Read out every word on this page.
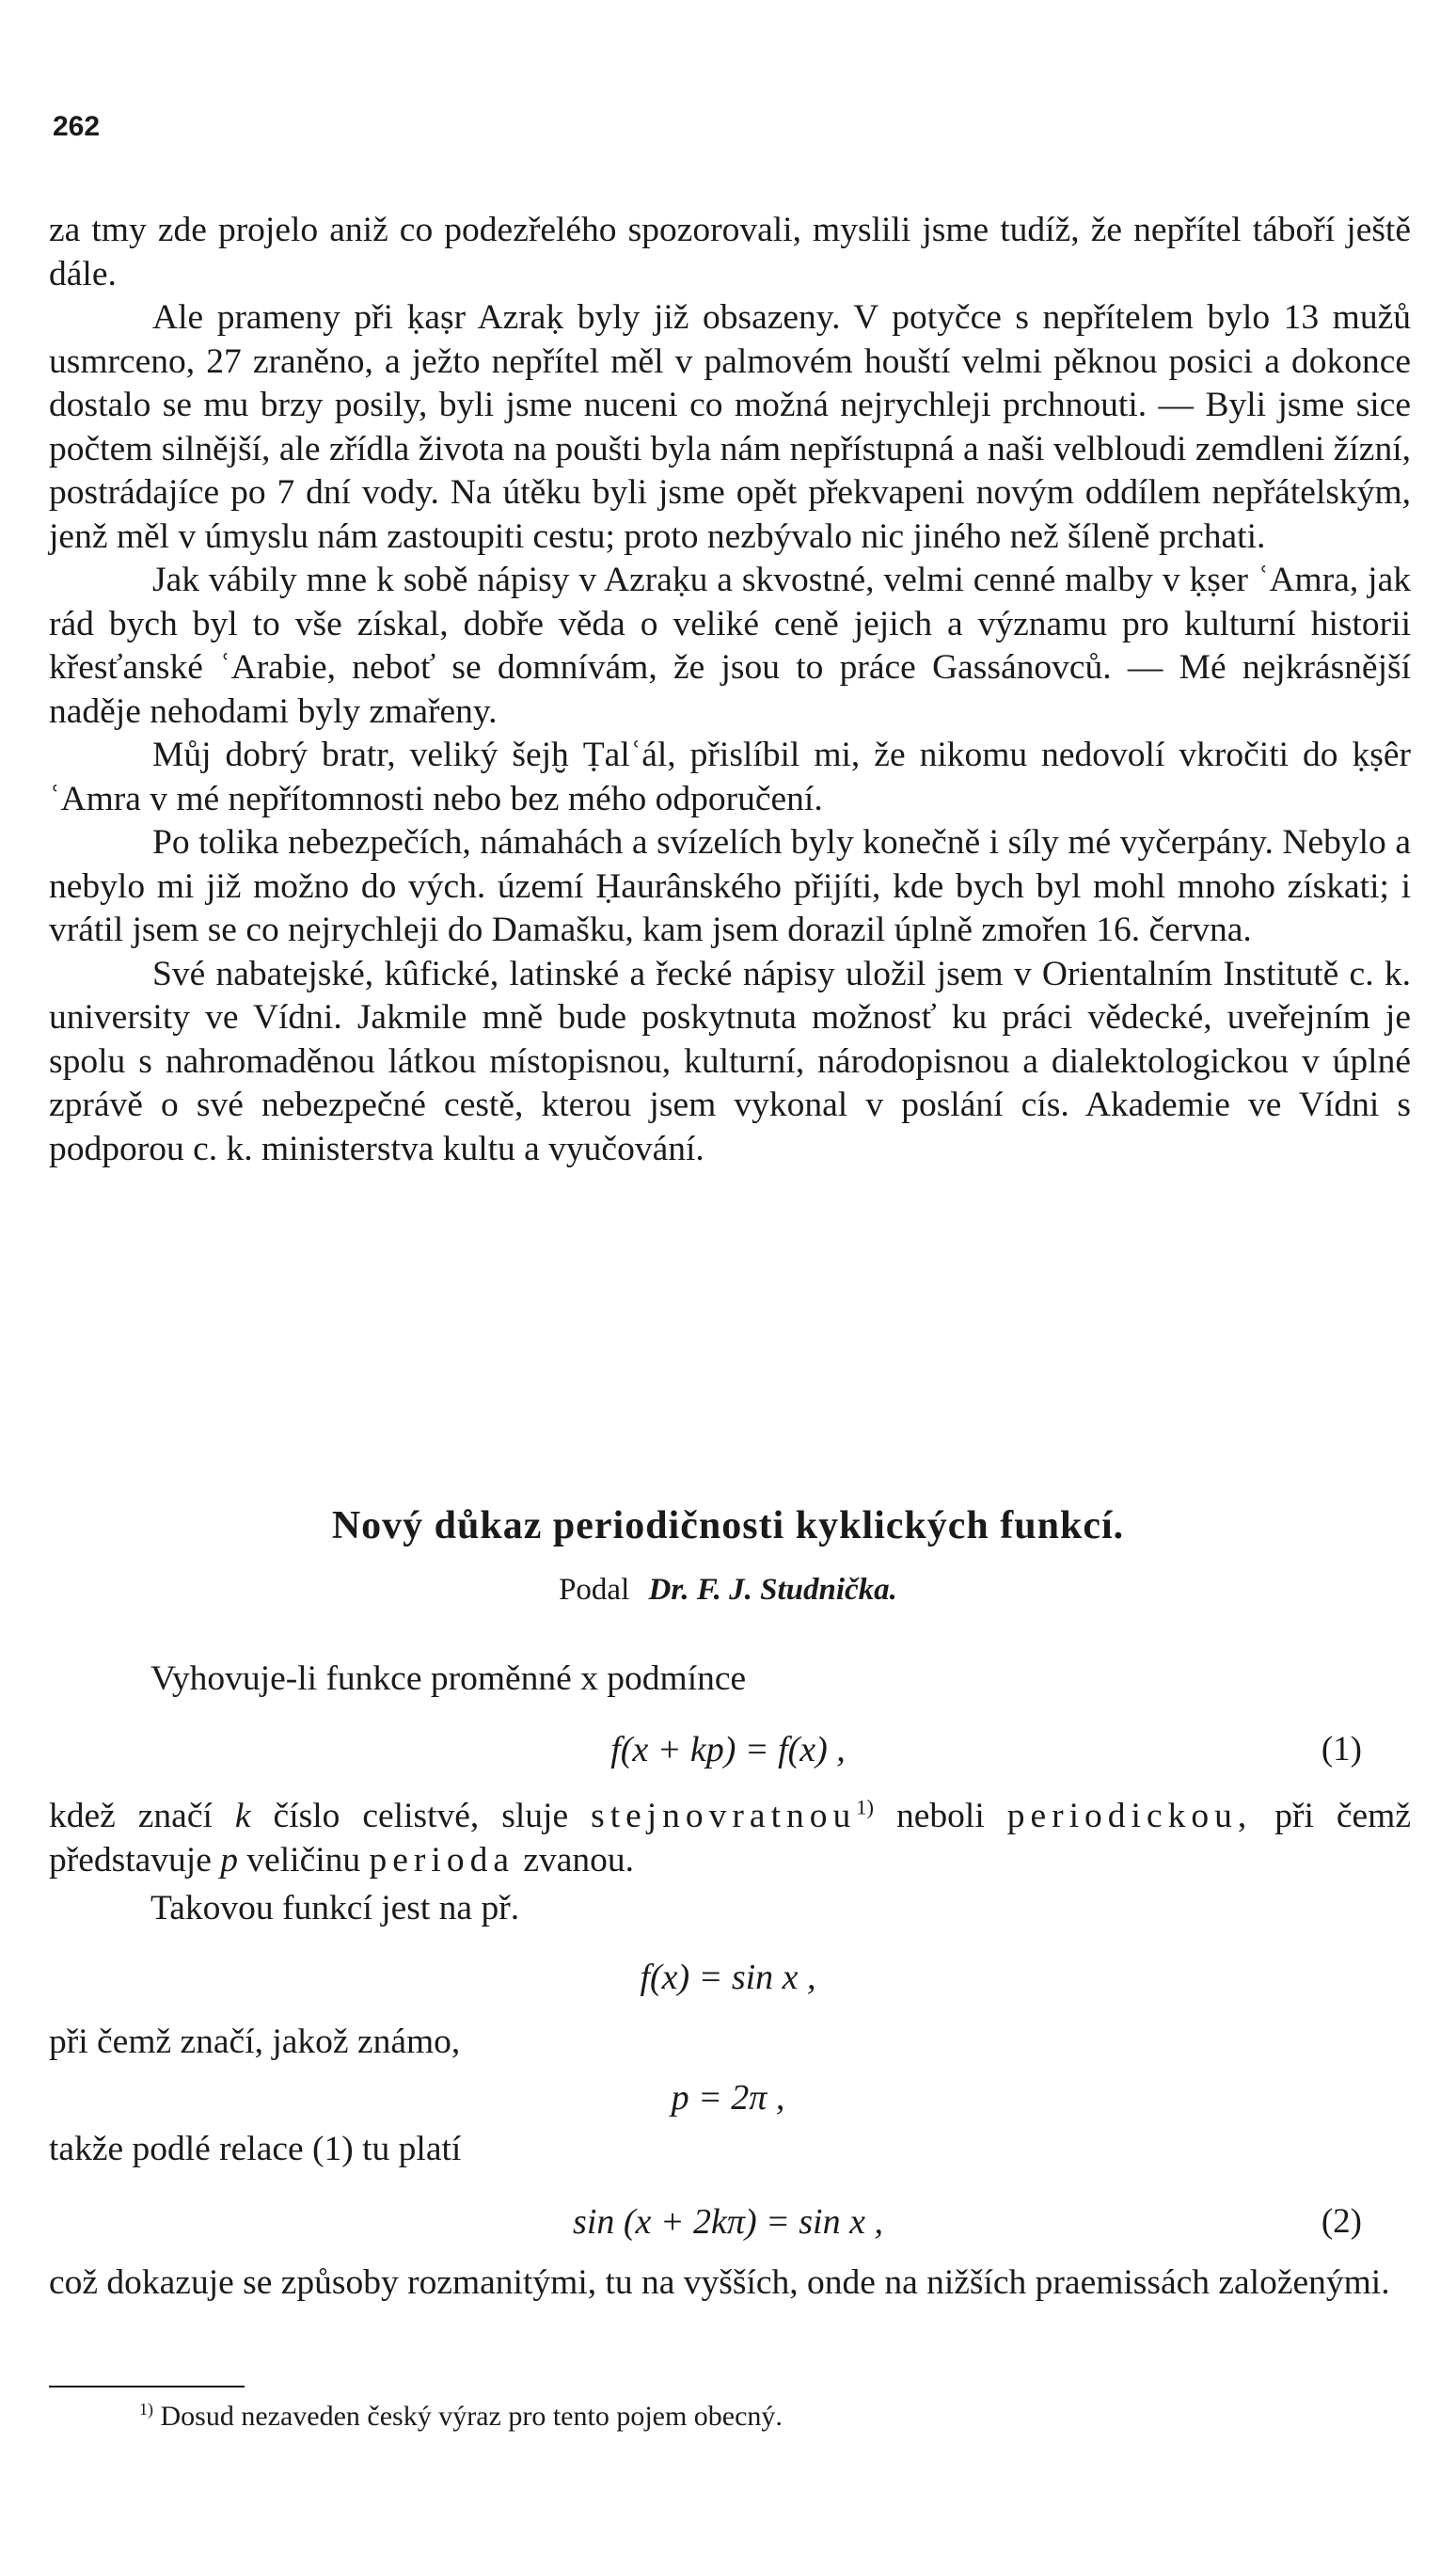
262

za tmy zde projelo aniž co podezřelého spozorovali, myslili jsme tudíž, že nepřítel táboří ještě dále.

Ale prameny při ḳaṣr Azraḳ byly již obsazeny. V potyčce s nepřítelem bylo 13 mužů usmrceno, 27 zraněno, a ježto nepřítel měl v palmovém houští velmi pěknou posici a dokonce dostalo se mu brzy posily, byli jsme nuceni co možná nejrychleji prchnouti. — Byli jsme sice počtem silnější, ale zřídla života na poušti byla nám nepřístupná a naši velbloudi zemdleni žízní, postrádajíce po 7 dní vody. Na útěku byli jsme opět překvapeni novým oddílem nepřátelským, jenž měl v úmyslu nám zastoupiti cestu; proto nezbývalo nic jiného než šíleně prchati.

Jak vábily mne k sobě nápisy v Azraḳu a skvostné, velmi cenné malby v ḳṣer ʿAmra, jak rád bych byl to vše získal, dobře věda o veliké ceně jejich a významu pro kulturní historii křesťanské ʿArabie, neboť se domnívám, že jsou to práce Gassánovců. — Mé nejkrásnější naděje nehodami byly zmařeny.

Můj dobrý bratr, veliký šejḫ Ṭalʿál, přislíbil mi, že nikomu nedovolí vkročiti do ḳṣêr ʿAmra v mé nepřítomnosti nebo bez mého odporučení.

Po tolika nebezpečích, námahách a svízelích byly konečně i síly mé vyčerpány. Nebylo a nebylo mi již možno do vých. území Ḥaurânského přijíti, kde bych byl mohl mnoho získati; i vrátil jsem se co nejrychleji do Damašku, kam jsem dorazil úplně zmořen 16. června.

Své nabatejské, kûfické, latinské a řecké nápisy uložil jsem v Orientalním Institutě c. k. university ve Vídni. Jakmile mně bude poskytnuta možnosť ku práci vědecké, uveřejním je spolu s nahromaděnou látkou místopisnou, kulturní, národopisnou a dialektologickou v úplné zprávě o své nebezpečné cestě, kterou jsem vykonal v poslání cís. Akademie ve Vídni s podporou c. k. ministerstva kultu a vyučování.

Nový důkaz periodičnosti kyklických funkcí.
Podal Dr. F. J. Studnička.

Vyhovuje-li funkce proměnné x podmínce

f(x + kp) = f(x) ,	(1)

kdež značí k číslo celistvé, sluje stejnovratnou$^{1)}$ neboli periodickou, při čemž představuje p veličinu perioda zvanou.

Takovou funkcí jest na př.

f(x) = sin x ,

při čemž značí, jakož známo,

p = 2π ,

takže podlé relace (1) tu platí

sin (x + 2kπ) = sin x ,	(2)

což dokazuje se způsoby rozmanitými, tu na vyšších, onde na nižších praemissách založenými.

$^{1)}$ Dosud nezaveden český výraz pro tento pojem obecný.
